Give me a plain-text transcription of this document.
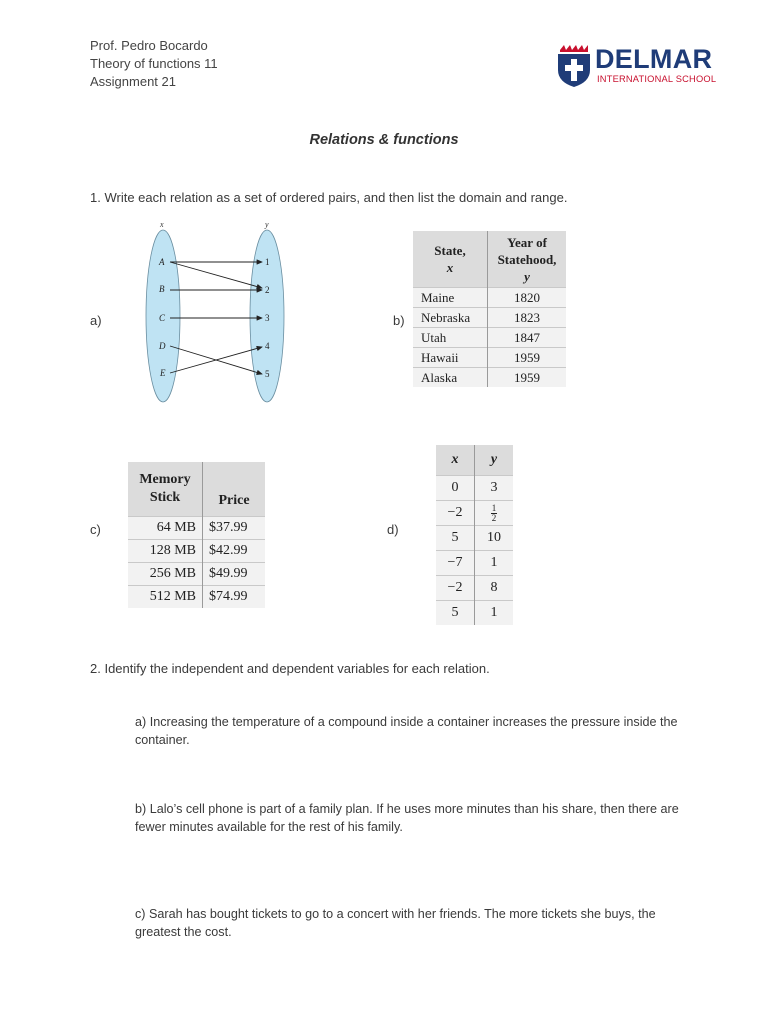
Prof. Pedro Bocardo
Theory of functions 11
Assignment 21
DELMAR
INTERNATIONAL SCHOOL
Relations & functions
1. Write each relation as a set of ordered pairs, and then list the domain and range.
a)
x	y
A
B
C
D
E
1
2
3
4
5
b)
State,
x	Year of
Statehood,
y
Maine	1820
Nebraska	1823
Utah	1847
Hawaii	1959
Alaska	1959
c)
Memory
Stick	Price
64 MB	$37.99
128 MB	$42.99
256 MB	$49.99
512 MB	$74.99
d)
x	y
0	3
−2	$\frac{1}{2}$

5	10
−7	1
−2	8
5	1
2. Identify the independent and dependent variables for each relation.
a) Increasing the temperature of a compound inside a container increases the pressure inside the container.
b) Lalo’s cell phone is part of a family plan. If he uses more minutes than his share, then there are fewer minutes available for the rest of his family.
c) Sarah has bought tickets to go to a concert with her friends. The more tickets she buys, the greatest the cost.
